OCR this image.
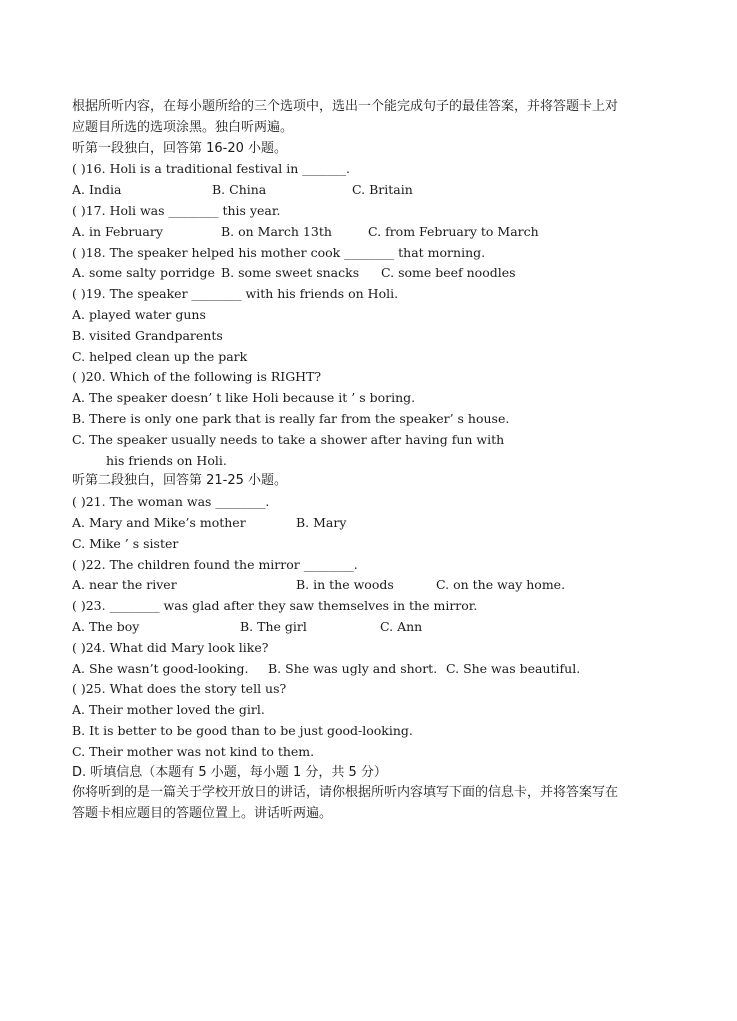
根据所听内容，在每小题所给的三个选项中，选出一个能完成句子的最佳答案，并将答题卡上对
应题目所选的选项涂黑。独白听两遍。
听第一段独白，回答第 16-20 小题。
( )16. Holi is a traditional festival in _______.
A. India	B. China	C. Britain
( )17. Holi was ________ this year.
A. in February	B. on March 13th	C. from February to March
( )18. The speaker helped his mother cook ________ that morning.
A. some salty porridge B. some sweet snacks	C. some beef noodles
( )19. The speaker ________ with his friends on Holi.
A. played water guns
B. visited Grandparents
C. helped clean up the park
( )20. Which of the following is RIGHT?
A. The speaker doesn’ t like Holi because it ’ s boring.
B. There is only one park that is really far from the speaker’ s house.
C. The speaker usually needs to take a shower after having fun with
his friends on Holi.
听第二段独白，回答第 21-25 小题。
( )21. The woman was ________.
A. Mary and Mike’s mother	B. Mary
C. Mike ’ s sister
( )22. The children found the mirror ________.
A. near the river	B. in the woods	C. on the way home.
( )23. ________ was glad after they saw themselves in the mirror.
A. The boy	B. The girl	C. Ann
( )24. What did Mary look like?
A. She wasn’t good-looking.	B. She was ugly and short. C. She was beautiful.
( )25. What does the story tell us?
A. Their mother loved the girl.
B. It is better to be good than to be just good-looking.
C. Their mother was not kind to them.
D. 听填信息（本题有 5 小题，每小题 1 分，共 5 分）
你将听到的是一篇关于学校开放日的讲话，请你根据所听内容填写下面的信息卡，并将答案写在
答题卡相应题目的答题位置上。讲话听两遍。
